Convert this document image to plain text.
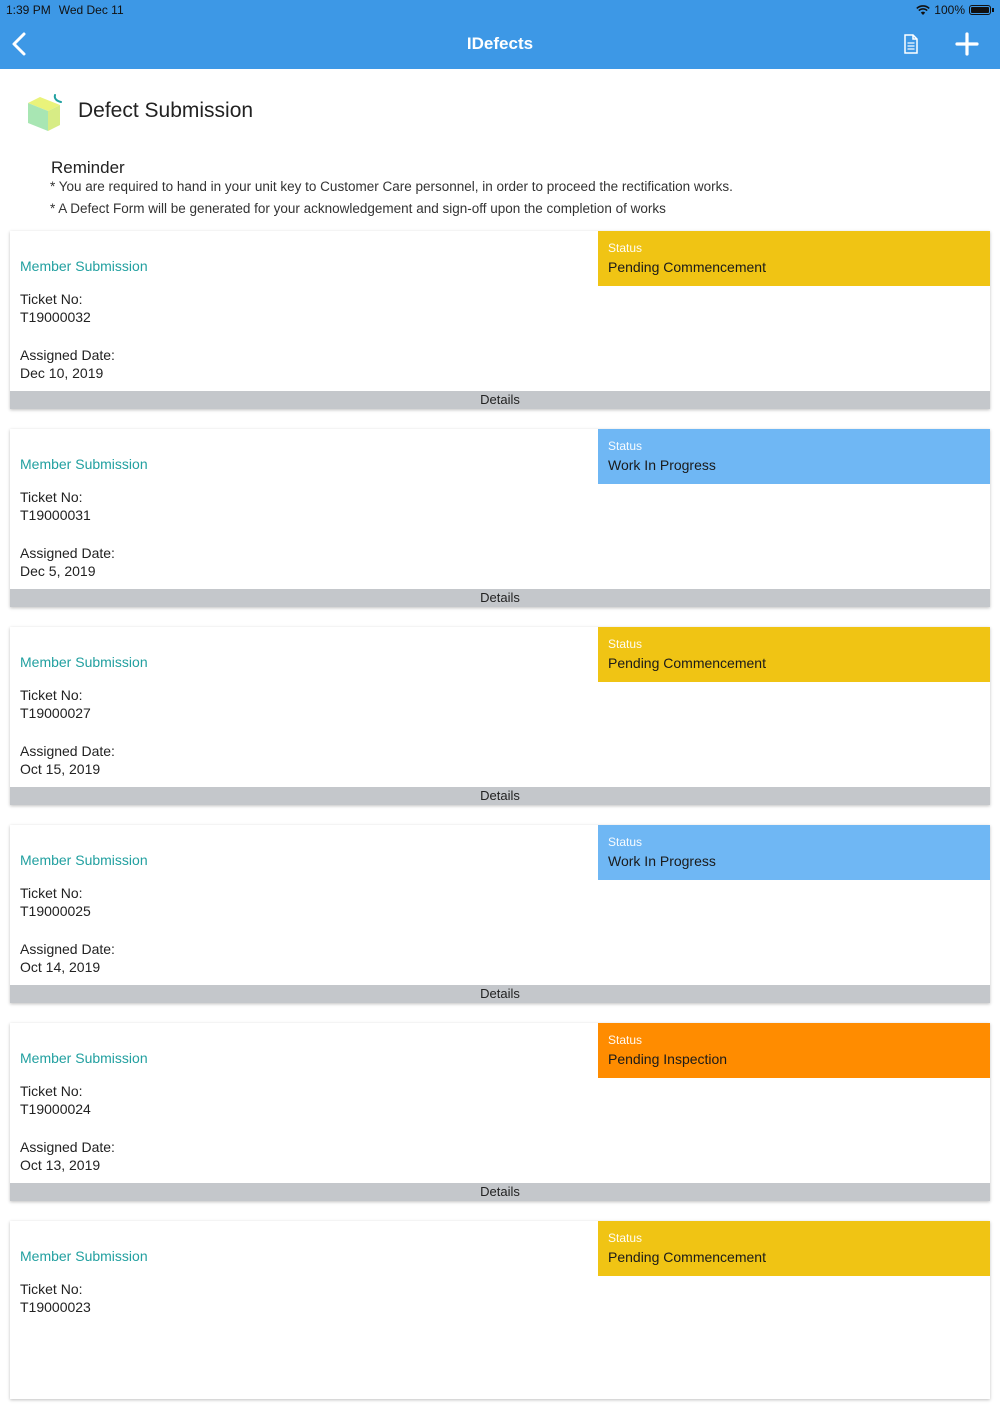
1:39 PM Wed Dec 11	100%
IDefects
Defect Submission
Reminder
* You are required to hand in your unit key to Customer Care personnel, in order to proceed the rectification works.
* A Defect Form will be generated for your acknowledgement and sign-off upon the completion of works
Member Submission
Ticket No:
T19000032
Assigned Date:
Dec 10, 2019
Status
Pending Commencement
Details
Member Submission
Ticket No:
T19000031
Assigned Date:
Dec 5, 2019
Status
Work In Progress
Details
Member Submission
Ticket No:
T19000027
Assigned Date:
Oct 15, 2019
Status
Pending Commencement
Details
Member Submission
Ticket No:
T19000025
Assigned Date:
Oct 14, 2019
Status
Work In Progress
Details
Member Submission
Ticket No:
T19000024
Assigned Date:
Oct 13, 2019
Status
Pending Inspection
Details
Member Submission
Ticket No:
T19000023
Status
Pending Commencement
